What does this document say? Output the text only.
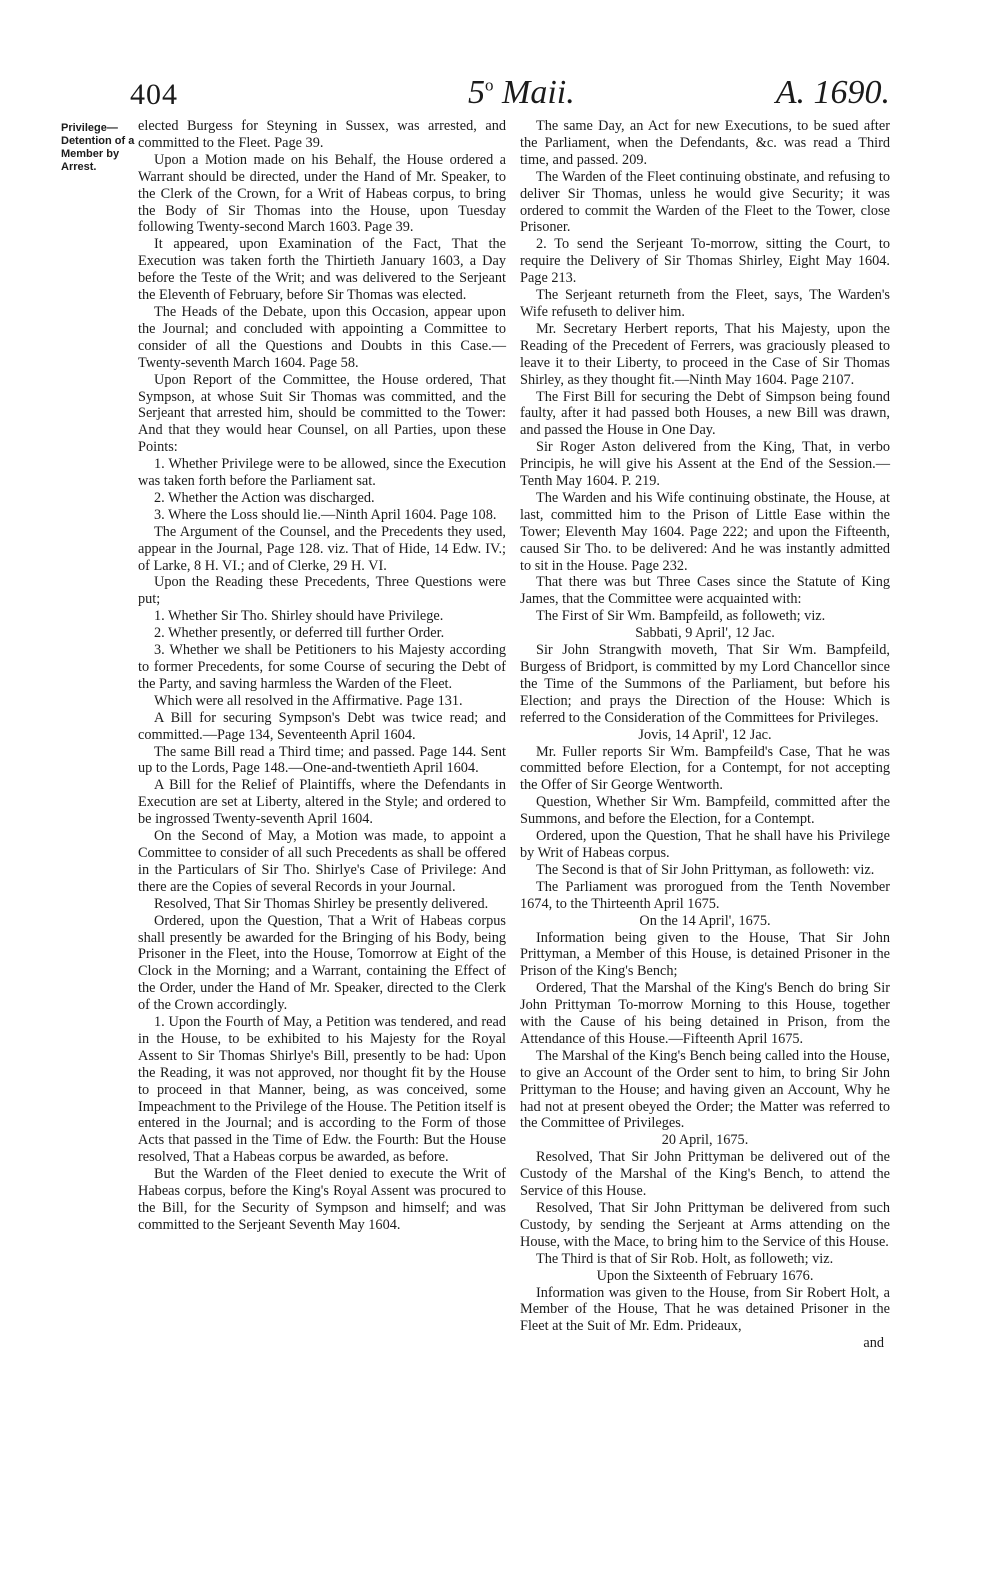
404	5$^o$ Maii.	A. 1690.
Privilege—Detention of a Member by Arrest.

elected Burgess for Steyning in Sussex, was arrested, and committed to the Fleet. Page 39.

Upon a Motion made on his Behalf, the House ordered a Warrant should be directed, under the Hand of Mr. Speaker, to the Clerk of the Crown, for a Writ of Habeas corpus, to bring the Body of Sir Thomas into the House, upon Tuesday following Twenty-second March 1603. Page 39.

It appeared, upon Examination of the Fact, That the Execution was taken forth the Thirtieth January 1603, a Day before the Teste of the Writ; and was delivered to the Serjeant the Eleventh of February, before Sir Thomas was elected.

The Heads of the Debate, upon this Occasion, appear upon the Journal; and concluded with appointing a Committee to consider of all the Questions and Doubts in this Case.—Twenty-seventh March 1604. Page 58.

Upon Report of the Committee, the House ordered, That Sympson, at whose Suit Sir Thomas was committed, and the Serjeant that arrested him, should be committed to the Tower: And that they would hear Counsel, on all Parties, upon these Points:

1. Whether Privilege were to be allowed, since the Execution was taken forth before the Parliament sat.

2. Whether the Action was discharged.

3. Where the Loss should lie.—Ninth April 1604. Page 108.

The Argument of the Counsel, and the Precedents they used, appear in the Journal, Page 128. viz. That of Hide, 14 Edw. IV.; of Larke, 8 H. VI.; and of Clerke, 29 H. VI.

Upon the Reading these Precedents, Three Questions were put;

1. Whether Sir Tho. Shirley should have Privilege.

2. Whether presently, or deferred till further Order.

3. Whether we shall be Petitioners to his Majesty according to former Precedents, for some Course of securing the Debt of the Party, and saving harmless the Warden of the Fleet.

Which were all resolved in the Affirmative. Page 131.

A Bill for securing Sympson's Debt was twice read; and committed.—Page 134, Seventeenth April 1604.

The same Bill read a Third time; and passed. Page 144. Sent up to the Lords, Page 148.—One-and-twentieth April 1604.

A Bill for the Relief of Plaintiffs, where the Defendants in Execution are set at Liberty, altered in the Style; and ordered to be ingrossed Twenty-seventh April 1604.

On the Second of May, a Motion was made, to appoint a Committee to consider of all such Precedents as shall be offered in the Particulars of Sir Tho. Shirlye's Case of Privilege: And there are the Copies of several Records in your Journal.

Resolved, That Sir Thomas Shirley be presently delivered.

Ordered, upon the Question, That a Writ of Habeas corpus shall presently be awarded for the Bringing of his Body, being Prisoner in the Fleet, into the House, Tomorrow at Eight of the Clock in the Morning; and a Warrant, containing the Effect of the Order, under the Hand of Mr. Speaker, directed to the Clerk of the Crown accordingly.

1. Upon the Fourth of May, a Petition was tendered, and read in the House, to be exhibited to his Majesty for the Royal Assent to Sir Thomas Shirlye's Bill, presently to be had: Upon the Reading, it was not approved, nor thought fit by the House to proceed in that Manner, being, as was conceived, some Impeachment to the Privilege of the House. The Petition itself is entered in the Journal; and is according to the Form of those Acts that passed in the Time of Edw. the Fourth: But the House resolved, That a Habeas corpus be awarded, as before.

But the Warden of the Fleet denied to execute the Writ of Habeas corpus, before the King's Royal Assent was procured to the Bill, for the Security of Sympson and himself; and was committed to the Serjeant Seventh May 1604.

The same Day, an Act for new Executions, to be sued after the Parliament, when the Defendants, &c. was read a Third time, and passed. 209.

The Warden of the Fleet continuing obstinate, and refusing to deliver Sir Thomas, unless he would give Security; it was ordered to commit the Warden of the Fleet to the Tower, close Prisoner.

2. To send the Serjeant To-morrow, sitting the Court, to require the Delivery of Sir Thomas Shirley, Eight May 1604. Page 213.

The Serjeant returneth from the Fleet, says, The Warden's Wife refuseth to deliver him.

Mr. Secretary Herbert reports, That his Majesty, upon the Reading of the Precedent of Ferrers, was graciously pleased to leave it to their Liberty, to proceed in the Case of Sir Thomas Shirley, as they thought fit.—Ninth May 1604. Page 2107.

The First Bill for securing the Debt of Simpson being found faulty, after it had passed both Houses, a new Bill was drawn, and passed the House in One Day.

Sir Roger Aston delivered from the King, That, in verbo Principis, he will give his Assent at the End of the Session.—Tenth May 1604. P. 219.

The Warden and his Wife continuing obstinate, the House, at last, committed him to the Prison of Little Ease within the Tower; Eleventh May 1604. Page 222; and upon the Fifteenth, caused Sir Tho. to be delivered: And he was instantly admitted to sit in the House. Page 232.

That there was but Three Cases since the Statute of King James, that the Committee were acquainted with:

The First of Sir Wm. Bampfeild, as followeth; viz.

Sabbati, 9 April', 12 Jac.

Sir John Strangwith moveth, That Sir Wm. Bampfeild, Burgess of Bridport, is committed by my Lord Chancellor since the Time of the Summons of the Parliament, but before his Election; and prays the Direction of the House: Which is referred to the Consideration of the Committees for Privileges.

Jovis, 14 April', 12 Jac.

Mr. Fuller reports Sir Wm. Bampfeild's Case, That he was committed before Election, for a Contempt, for not accepting the Offer of Sir George Wentworth.

Question, Whether Sir Wm. Bampfeild, committed after the Summons, and before the Election, for a Contempt.

Ordered, upon the Question, That he shall have his Privilege by Writ of Habeas corpus.

The Second is that of Sir John Prittyman, as followeth: viz.

The Parliament was prorogued from the Tenth November 1674, to the Thirteenth April 1675.

On the 14 April', 1675.

Information being given to the House, That Sir John Prittyman, a Member of this House, is detained Prisoner in the Prison of the King's Bench;

Ordered, That the Marshal of the King's Bench do bring Sir John Prittyman To-morrow Morning to this House, together with the Cause of his being detained in Prison, from the Attendance of this House.—Fifteenth April 1675.

The Marshal of the King's Bench being called into the House, to give an Account of the Order sent to him, to bring Sir John Prittyman to the House; and having given an Account, Why he had not at present obeyed the Order; the Matter was referred to the Committee of Privileges.

20 April, 1675.

Resolved, That Sir John Prittyman be delivered out of the Custody of the Marshal of the King's Bench, to attend the Service of this House.

Resolved, That Sir John Prittyman be delivered from such Custody, by sending the Serjeant at Arms attending on the House, with the Mace, to bring him to the Service of this House.

The Third is that of Sir Rob. Holt, as followeth; viz.

Upon the Sixteenth of February 1676.

Information was given to the House, from Sir Robert Holt, a Member of the House, That he was detained Prisoner in the Fleet at the Suit of Mr. Edm. Prideaux,

and
